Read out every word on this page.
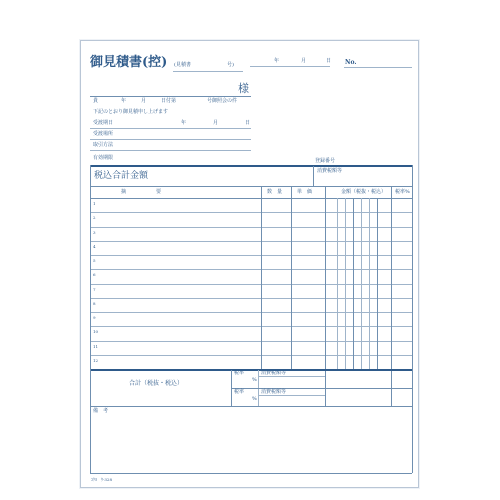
御見積書(控) (見積書	号)
年	月	日 No.
様
貴	年	月	日付第	号御照会の件
下記のとおり御見積申し上げます
受渡期日	年	月	日
受渡場所
取引方法
有効期限	登録番号
税込合計金額	消費税額等
摘　　　　　　要	数　量	単　価	金額（税抜・税込） 税率%
1
2
3
4
5
6
7
8
9
10
11
12
合計（税抜・税込）
税率
%
消費税額等
税率
%
消費税額等
備　考
ｺｸﾖ　ｳ-328
